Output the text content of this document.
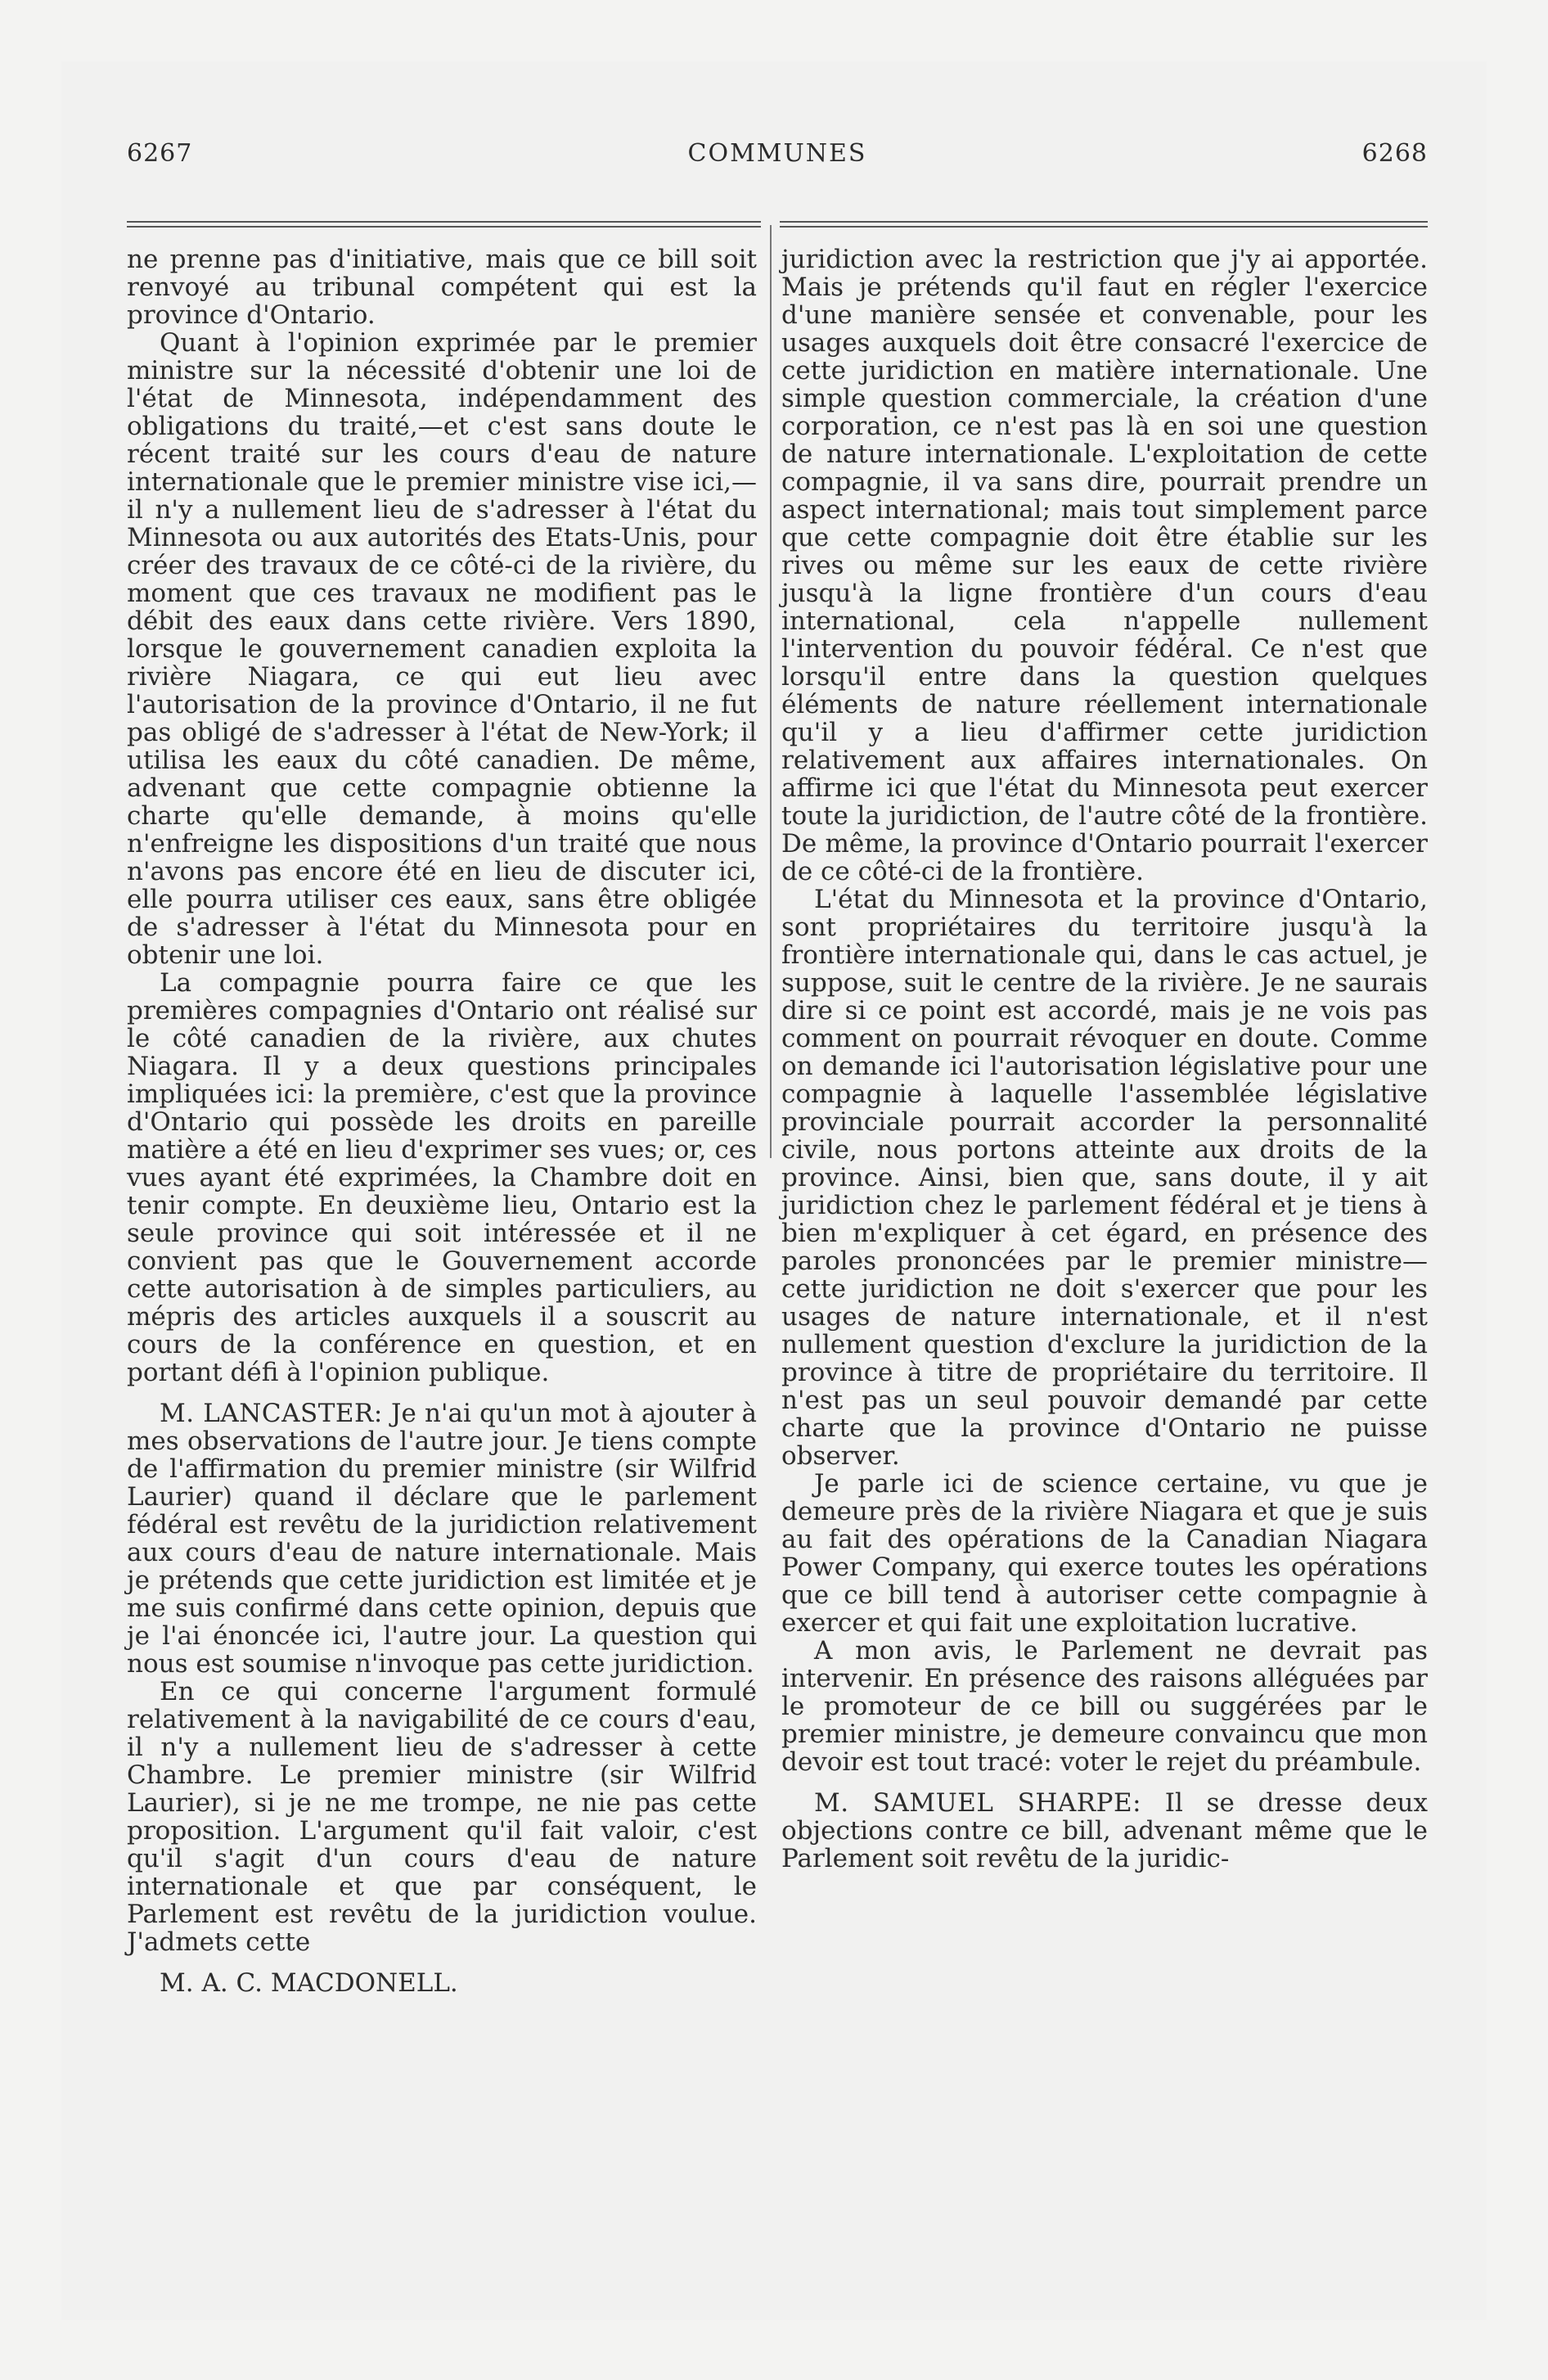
6267	COMMUNES	6268

ne prenne pas d'initiative, mais que ce bill soit renvoyé au tribunal compétent qui est la province d'Ontario.

Quant à l'opinion exprimée par le premier ministre sur la nécessité d'obtenir une loi de l'état de Minnesota, indépendamment des obligations du traité,—et c'est sans doute le récent traité sur les cours d'eau de nature internationale que le premier ministre vise ici,—il n'y a nullement lieu de s'adresser à l'état du Minnesota ou aux autorités des Etats-Unis, pour créer des travaux de ce côté-ci de la rivière, du moment que ces travaux ne modifient pas le débit des eaux dans cette rivière. Vers 1890, lorsque le gouvernement canadien exploita la rivière Niagara, ce qui eut lieu avec l'autorisation de la province d'Ontario, il ne fut pas obligé de s'adresser à l'état de New-York; il utilisa les eaux du côté canadien. De même, advenant que cette compagnie obtienne la charte qu'elle demande, à moins qu'elle n'enfreigne les dispositions d'un traité que nous n'avons pas encore été en lieu de discuter ici, elle pourra utiliser ces eaux, sans être obligée de s'adresser à l'état du Minnesota pour en obtenir une loi.

La compagnie pourra faire ce que les premières compagnies d'Ontario ont réalisé sur le côté canadien de la rivière, aux chutes Niagara. Il y a deux questions principales impliquées ici: la première, c'est que la province d'Ontario qui possède les droits en pareille matière a été en lieu d'exprimer ses vues; or, ces vues ayant été exprimées, la Chambre doit en tenir compte. En deuxième lieu, Ontario est la seule province qui soit intéressée et il ne convient pas que le Gouvernement accorde cette autorisation à de simples particuliers, au mépris des articles auxquels il a souscrit au cours de la conférence en question, et en portant défi à l'opinion publique.

M. LANCASTER: Je n'ai qu'un mot à ajouter à mes observations de l'autre jour. Je tiens compte de l'affirmation du premier ministre (sir Wilfrid Laurier) quand il déclare que le parlement fédéral est revêtu de la juridiction relativement aux cours d'eau de nature internationale. Mais je prétends que cette juridiction est limitée et je me suis confirmé dans cette opinion, depuis que je l'ai énoncée ici, l'autre jour. La question qui nous est soumise n'invoque pas cette juridiction.

En ce qui concerne l'argument formulé relativement à la navigabilité de ce cours d'eau, il n'y a nullement lieu de s'adresser à cette Chambre. Le premier ministre (sir Wilfrid Laurier), si je ne me trompe, ne nie pas cette proposition. L'argument qu'il fait valoir, c'est qu'il s'agit d'un cours d'eau de nature internationale et que par conséquent, le Parlement est revêtu de la juridiction voulue. J'admets cette

M. A. C. MACDONELL.

juridiction avec la restriction que j'y ai apportée. Mais je prétends qu'il faut en régler l'exercice d'une manière sensée et convenable, pour les usages auxquels doit être consacré l'exercice de cette juridiction en matière internationale. Une simple question commerciale, la création d'une corporation, ce n'est pas là en soi une question de nature internationale. L'exploitation de cette compagnie, il va sans dire, pourrait prendre un aspect international; mais tout simplement parce que cette compagnie doit être établie sur les rives ou même sur les eaux de cette rivière jusqu'à la ligne frontière d'un cours d'eau international, cela n'appelle nullement l'intervention du pouvoir fédéral. Ce n'est que lorsqu'il entre dans la question quelques éléments de nature réellement internationale qu'il y a lieu d'affirmer cette juridiction relativement aux affaires internationales. On affirme ici que l'état du Minnesota peut exercer toute la juridiction, de l'autre côté de la frontière. De même, la province d'Ontario pourrait l'exercer de ce côté-ci de la frontière.

L'état du Minnesota et la province d'Ontario, sont propriétaires du territoire jusqu'à la frontière internationale qui, dans le cas actuel, je suppose, suit le centre de la rivière. Je ne saurais dire si ce point est accordé, mais je ne vois pas comment on pourrait révoquer en doute. Comme on demande ici l'autorisation législative pour une compagnie à laquelle l'assemblée législative provinciale pourrait accorder la personnalité civile, nous portons atteinte aux droits de la province. Ainsi, bien que, sans doute, il y ait juridiction chez le parlement fédéral et je tiens à bien m'expliquer à cet égard, en présence des paroles prononcées par le premier ministre—cette juridiction ne doit s'exercer que pour les usages de nature internationale, et il n'est nullement question d'exclure la juridiction de la province à titre de propriétaire du territoire. Il n'est pas un seul pouvoir demandé par cette charte que la province d'Ontario ne puisse observer.

Je parle ici de science certaine, vu que je demeure près de la rivière Niagara et que je suis au fait des opérations de la Canadian Niagara Power Company, qui exerce toutes les opérations que ce bill tend à autoriser cette compagnie à exercer et qui fait une exploitation lucrative.

A mon avis, le Parlement ne devrait pas intervenir. En présence des raisons alléguées par le promoteur de ce bill ou suggérées par le premier ministre, je demeure convaincu que mon devoir est tout tracé: voter le rejet du préambule.

M. SAMUEL SHARPE: Il se dresse deux objections contre ce bill, advenant même que le Parlement soit revêtu de la juridic-
